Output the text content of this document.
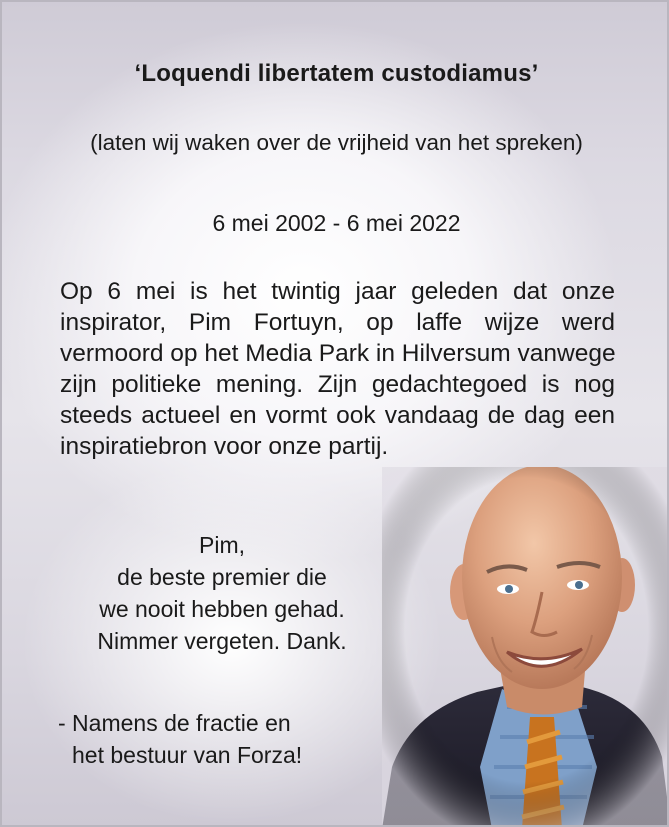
‘Loquendi libertatem custodiamus’
(laten wij waken over de vrijheid van het spreken)
6 mei 2002 - 6 mei 2022
Op 6 mei is het twintig jaar geleden dat onze
inspirator, Pim Fortuyn, op laffe wijze werd
vermoord op het Media Park in Hilversum vanwege
zijn politieke mening. Zijn gedachtegoed is nog
steeds actueel en vormt ook vandaag de dag een
inspiratiebron voor onze partij.
Pim,
de beste premier die
we nooit hebben gehad.
Nimmer vergeten. Dank.
- Namens de fractie en
het bestuur van Forza!
